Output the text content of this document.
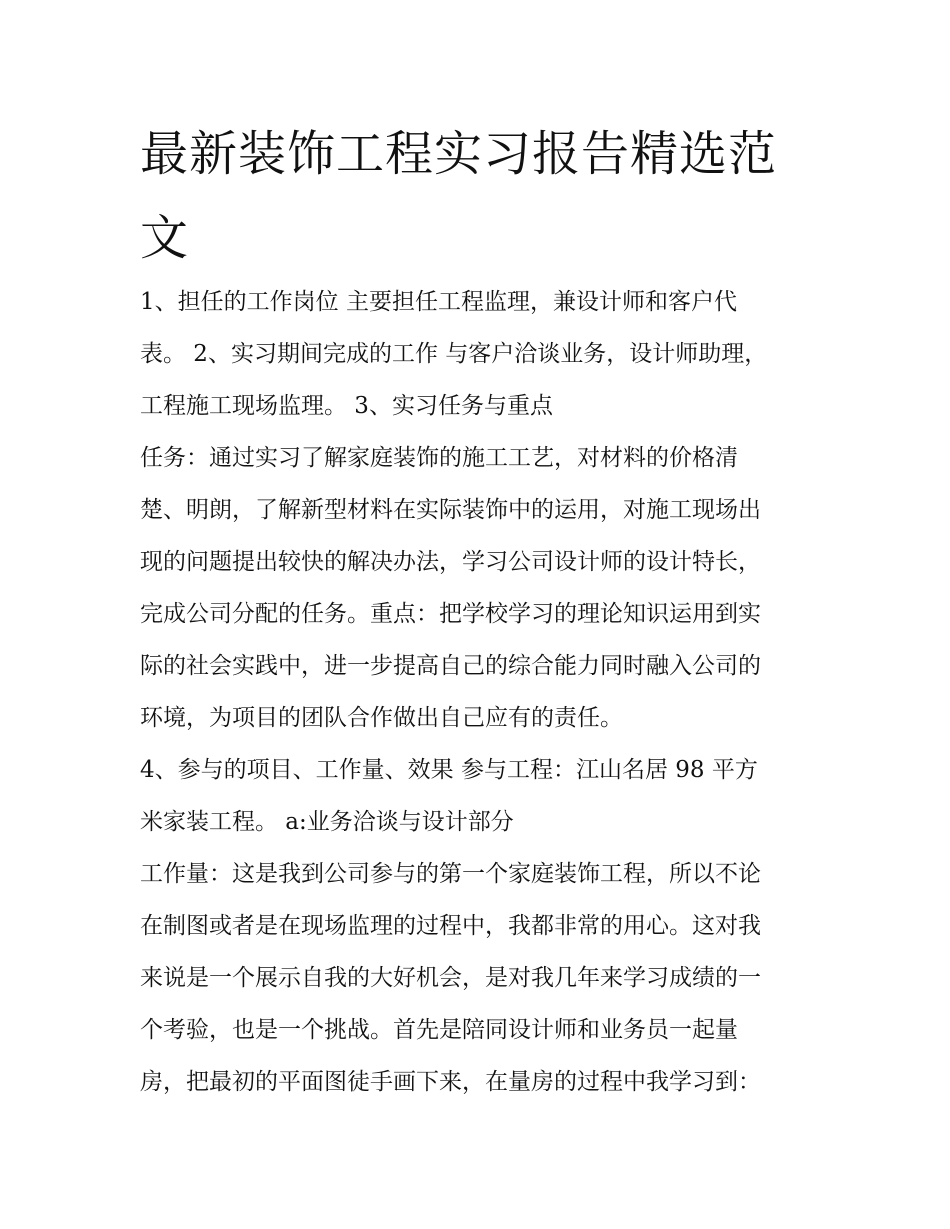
最新装饰工程实习报告精选范
文

1、担任的工作岗位 主要担任工程监理，兼设计师和客户代
表。 2、实习期间完成的工作 与客户洽谈业务，设计师助理，
工程施工现场监理。 3、实习任务与重点

任务：通过实习了解家庭装饰的施工工艺，对材料的价格清
楚、明朗，了解新型材料在实际装饰中的运用，对施工现场出
现的问题提出较快的解决办法，学习公司设计师的设计特长，
完成公司分配的任务。重点：把学校学习的理论知识运用到实
际的社会实践中，进一步提高自己的综合能力同时融入公司的
环境，为项目的团队合作做出自己应有的责任。

4、参与的项目、工作量、效果 参与工程：江山名居 98 平方
米家装工程。 a:业务洽谈与设计部分

工作量：这是我到公司参与的第一个家庭装饰工程，所以不论
在制图或者是在现场监理的过程中，我都非常的用心。这对我
来说是一个展示自我的大好机会，是对我几年来学习成绩的一
个考验，也是一个挑战。首先是陪同设计师和业务员一起量
房，把最初的平面图徒手画下来，在量房的过程中我学习到：
